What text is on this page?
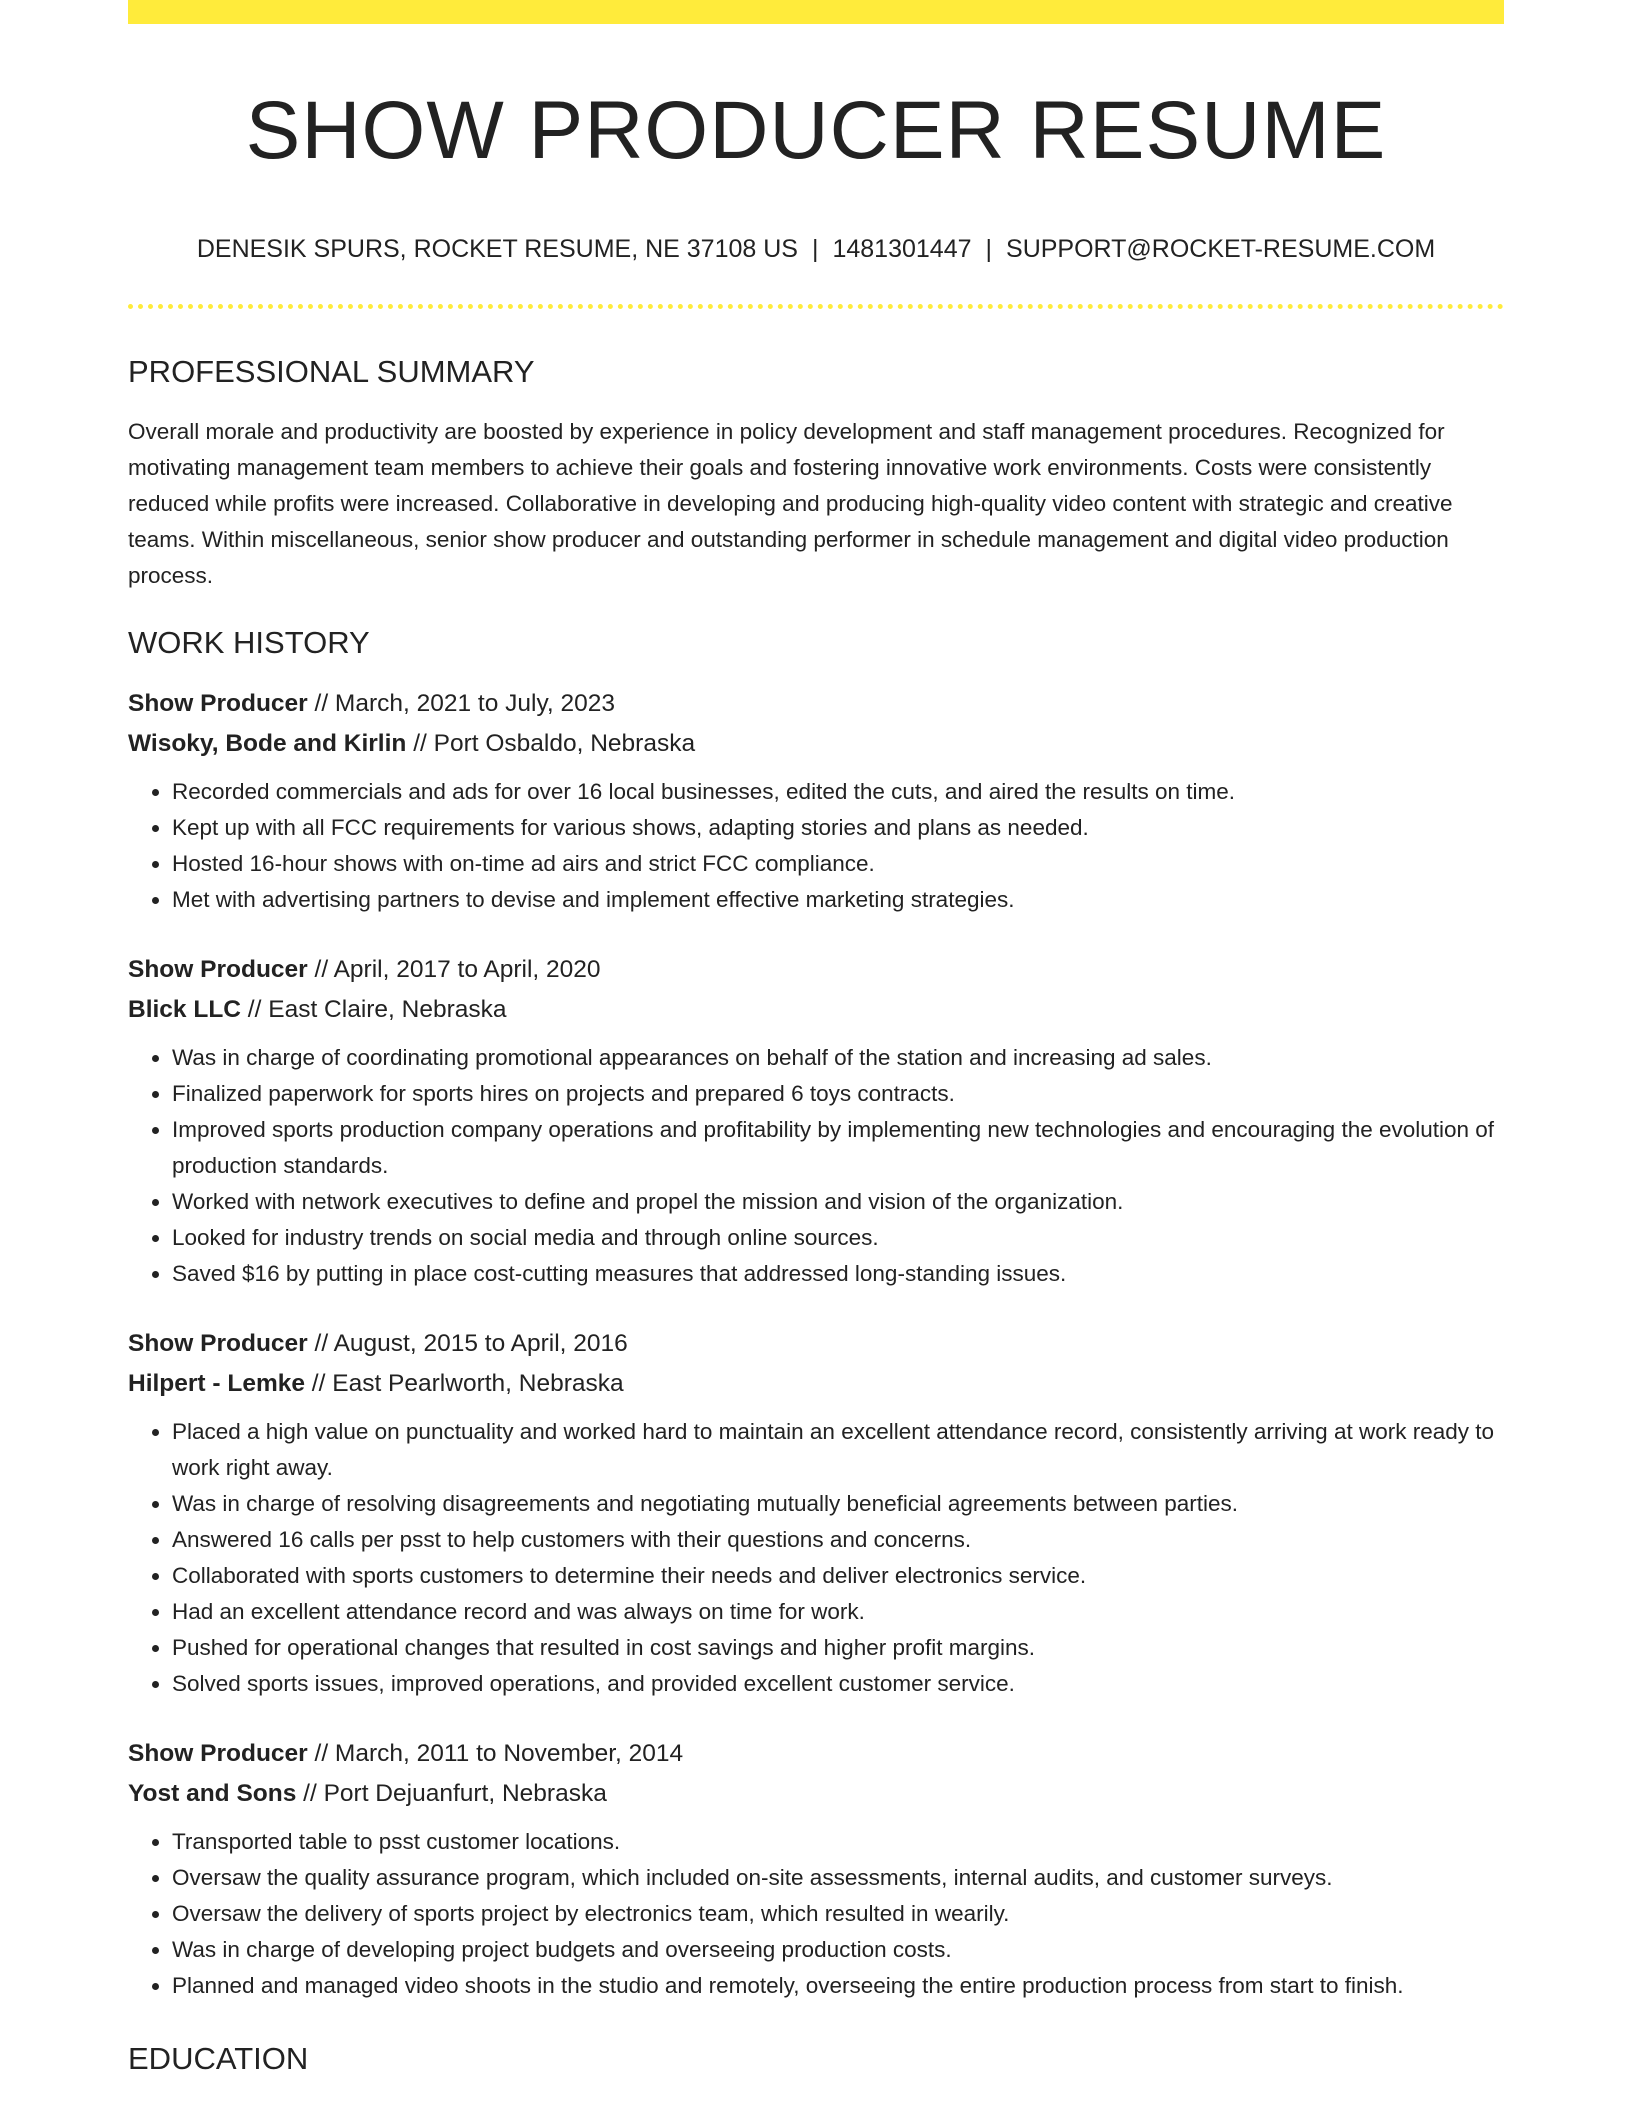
SHOW PRODUCER RESUME
DENESIK SPURS, ROCKET RESUME, NE 37108 US | 1481301447 | SUPPORT@ROCKET-RESUME.COM
PROFESSIONAL SUMMARY

Overall morale and productivity are boosted by experience in policy development and staff management procedures. Recognized for motivating management team members to achieve their goals and fostering innovative work environments. Costs were consistently reduced while profits were increased. Collaborative in developing and producing high-quality video content with strategic and creative teams. Within miscellaneous, senior show producer and outstanding performer in schedule management and digital video production process.

WORK HISTORY
Show Producer // March, 2021 to July, 2023
Wisoky, Bode and Kirlin // Port Osbaldo, Nebraska
• Recorded commercials and ads for over 16 local businesses, edited the cuts, and aired the results on time.
• Kept up with all FCC requirements for various shows, adapting stories and plans as needed.
• Hosted 16-hour shows with on-time ad airs and strict FCC compliance.
• Met with advertising partners to devise and implement effective marketing strategies.
Show Producer // April, 2017 to April, 2020
Blick LLC // East Claire, Nebraska
• Was in charge of coordinating promotional appearances on behalf of the station and increasing ad sales.
• Finalized paperwork for sports hires on projects and prepared 6 toys contracts.
• Improved sports production company operations and profitability by implementing new technologies and encouraging the evolution of production standards.
• Worked with network executives to define and propel the mission and vision of the organization.
• Looked for industry trends on social media and through online sources.
• Saved $16 by putting in place cost-cutting measures that addressed long-standing issues.
Show Producer // August, 2015 to April, 2016
Hilpert - Lemke // East Pearlworth, Nebraska
• Placed a high value on punctuality and worked hard to maintain an excellent attendance record, consistently arriving at work ready to work right away.
• Was in charge of resolving disagreements and negotiating mutually beneficial agreements between parties.
• Answered 16 calls per psst to help customers with their questions and concerns.
• Collaborated with sports customers to determine their needs and deliver electronics service.
• Had an excellent attendance record and was always on time for work.
• Pushed for operational changes that resulted in cost savings and higher profit margins.
• Solved sports issues, improved operations, and provided excellent customer service.
Show Producer // March, 2011 to November, 2014
Yost and Sons // Port Dejuanfurt, Nebraska
• Transported table to psst customer locations.
• Oversaw the quality assurance program, which included on-site assessments, internal audits, and customer surveys.
• Oversaw the delivery of sports project by electronics team, which resulted in wearily.
• Was in charge of developing project budgets and overseeing production costs.
• Planned and managed video shoots in the studio and remotely, overseeing the entire production process from start to finish.
EDUCATION
